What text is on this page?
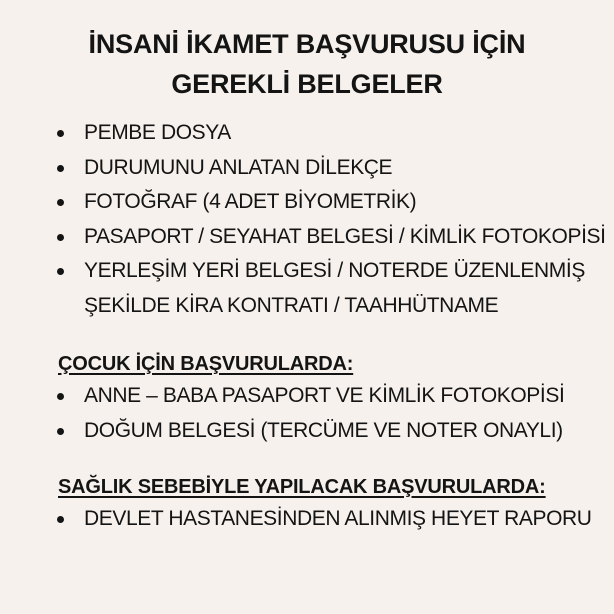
İNSANİ İKAMET BAŞVURUSU İÇİN
GEREKLİ BELGELER
PEMBE DOSYA
DURUMUNU ANLATAN DİLEKÇE
FOTOĞRAF (4 ADET BİYOMETRİK)
PASAPORT / SEYAHAT BELGESİ / KİMLİK FOTOKOPİSİ
YERLEŞİM YERİ BELGESİ / NOTERDE ÜZENLENMİŞ ŞEKİLDE KİRA KONTRATI / TAAHHÜTNAME
ÇOCUK İÇİN BAŞVURULARDA:
ANNE – BABA PASAPORT VE KİMLİK FOTOKOPİSİ
DOĞUM BELGESİ (TERCÜME VE NOTER ONAYLI)
SAĞLIK SEBEBİYLE YAPILACAK BAŞVURULARDA:
DEVLET HASTANESİNDEN ALINMIŞ HEYET RAPORU
